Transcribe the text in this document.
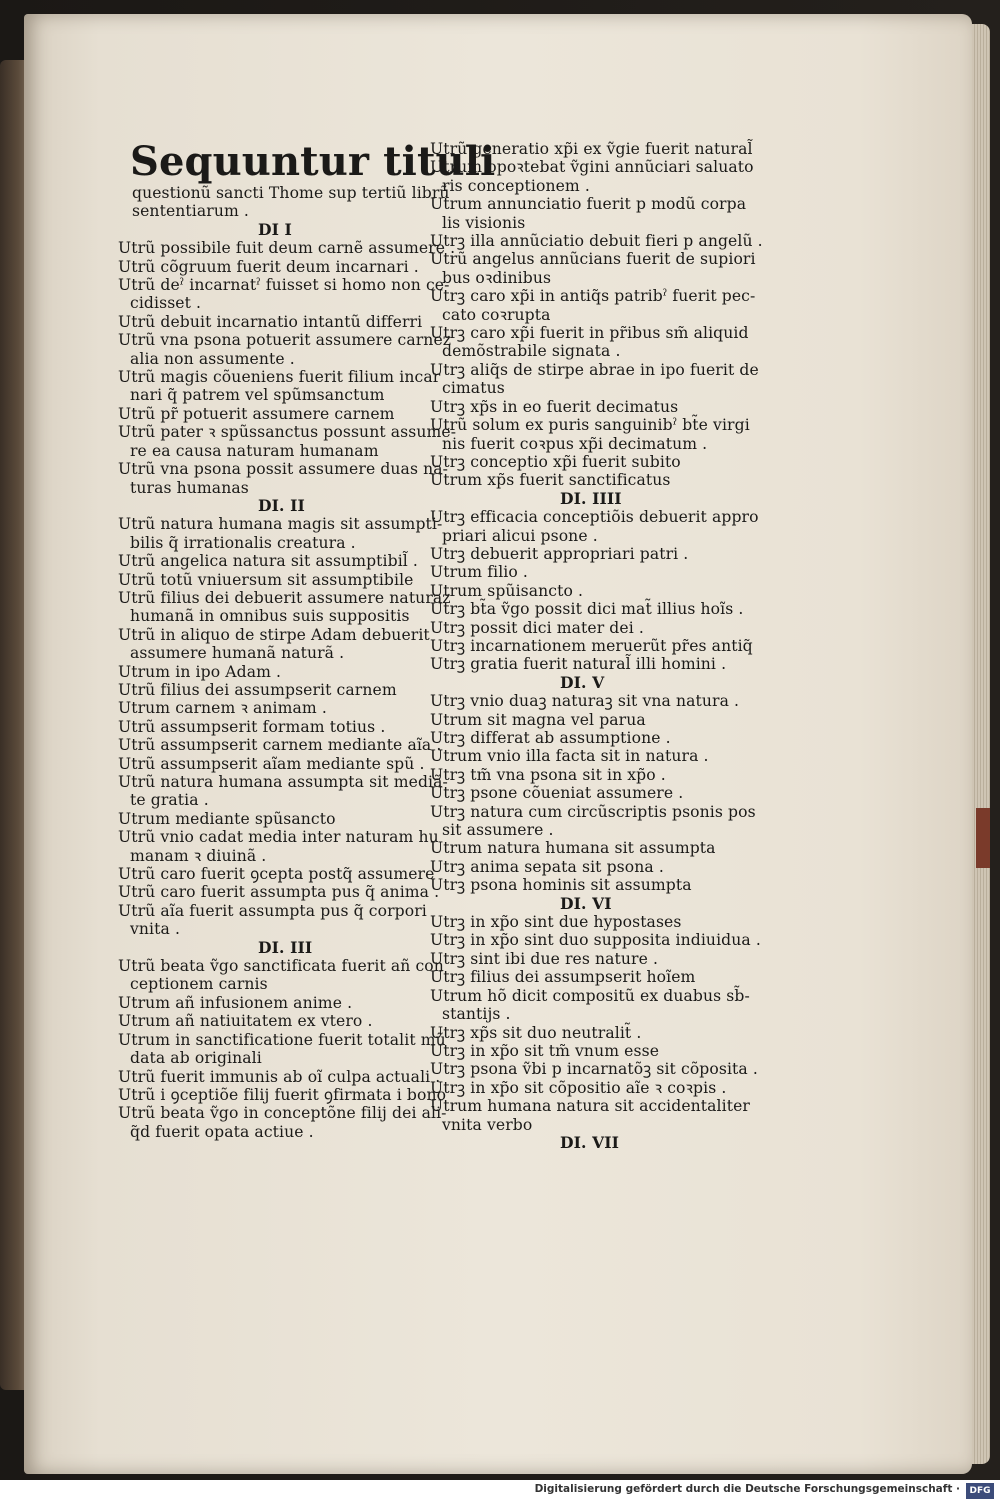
Sequuntur tituli
questionũ sancti Thome sup tertiũ librũ
sententiarum .
DI I
Utrũ possibile fuit deum carnẽ assumere .
Utrũ cõgruum fuerit deum incarnari .
Utrũ deˀ incarnatˀ fuisset si homo non ce-
cidisset .
Utrũ debuit incarnatio intantũ differri
Utrũ vna psona potuerit assumere carnez
alia non assumente .
Utrũ magis cõueniens fuerit filium incar
nari q̃ patrem vel spũmsanctum
Utrũ pr̃ potuerit assumere carnem
Utrũ pater ꝛ spũssanctus possunt assume-
re ea causa naturam humanam
Utrũ vna psona possit assumere duas na-
turas humanas
DI. II
Utrũ natura humana magis sit assumpti-
bilis q̃ irrationalis creatura .
Utrũ angelica natura sit assumptibil̃ .
Utrũ totũ vniuersum sit assumptibile
Utrũ filius dei debuerit assumere naturaz
humanã in omnibus suis suppositis
Utrũ in aliquo de stirpe Adam debuerit
assumere humanã naturã .
Utrum in ipo Adam .
Utrũ filius dei assumpserit carnem
Utrum carnem ꝛ animam .
Utrũ assumpserit formam totius .
Utrũ assumpserit carnem mediante aĩa .
Utrũ assumpserit aĩam mediante spũ .
Utrũ natura humana assumpta sit mediã-
te gratia .
Utrum mediante spũsancto
Utrũ vnio cadat media inter naturam hu
manam ꝛ diuinã .
Utrũ caro fuerit ꝯcepta postq̃ assumere
Utrũ caro fuerit assumpta pus q̃ anima .
Utrũ aĩa fuerit assumpta pus q̃ corpori
vnita .
DI. III
Utrũ beata ṽgo sanctificata fuerit añ con
ceptionem carnis
Utrum añ infusionem anime .
Utrum añ natiuitatem ex vtero .
Utrum in sanctificatione fuerit totalit mũ
data ab originali
Utrũ fuerit immunis ab oĩ culpa actuali .
Utrũ i ꝯceptiõe filij fuerit ꝯfirmata i bono
Utrũ beata ṽgo in conceptõne filij dei ali-
q̃d fuerit opata actiue .
Utrũ generatio xp̃i ex ṽgie fuerit natural̃
Utrum opoꝛtebat ṽgini annũciari saluato
ris conceptionem .
Utrum annunciatio fuerit p modũ corpa
lis visionis
Utrꝫ illa annũciatio debuit fieri p angelũ .
Utrũ angelus annũcians fuerit de supiori
bus oꝛdinibus
Utrꝫ caro xp̃i in antiq̃s patribˀ fuerit pec-
cato coꝛrupta
Utrꝫ caro xp̃i fuerit in pr̃ibus sm̃ aliquid
demõstrabile signata .
Utrꝫ aliq̃s de stirpe abrae in ipo fuerit de
cimatus
Utrꝫ xp̃s in eo fuerit decimatus
Utrũ solum ex puris sanguinibˀ bt̃e virgi
nis fuerit coꝛpus xp̃i decimatum .
Utrꝫ conceptio xp̃i fuerit subito
Utrum xp̃s fuerit sanctificatus
DI. IIII
Utrꝫ efficacia conceptiõis debuerit appro
priari alicui psone .
Utrꝫ debuerit appropriari patri .
Utrum filio .
Utrum spũisancto .
Utrꝫ bt̃a ṽgo possit dici mat̃ illius hoĩs .
Utrꝫ possit dici mater dei .
Utrꝫ incarnationem meruerũt pr̃es antiq̃
Utrꝫ gratia fuerit natural̃ illi homini .
DI. V
Utrꝫ vnio duaꝫ naturaꝫ sit vna natura .
Utrum sit magna vel parua
Utrꝫ differat ab assumptione .
Utrum vnio illa facta sit in natura .
Utrꝫ tm̃ vna psona sit in xp̃o .
Utrꝫ psone cõueniat assumere .
Utrꝫ natura cum circũscriptis psonis pos
sit assumere .
Utrum natura humana sit assumpta
Utrꝫ anima sepata sit psona .
Utrꝫ psona hominis sit assumpta
DI. VI
Utrꝫ in xp̃o sint due hypostases
Utrꝫ in xp̃o sint duo supposita indiuidua .
Utrꝫ sint ibi due res nature .
Utrꝫ filius dei assumpserit hoĩem
Utrum hõ dicit compositũ ex duabus sb̃-
stantijs .
Utrꝫ xp̃s sit duo neutralit̃ .
Utrꝫ in xp̃o sit tm̃ vnum esse
Utrꝫ psona ṽbi p incarnatõꝫ sit cõposita .
Utrꝫ in xp̃o sit cõpositio aĩe ꝛ coꝛpis .
Utrum humana natura sit accidentaliter
vnita verbo
DI. VII
Digitalisierung gefördert durch die Deutsche Forschungsgemeinschaft ·	DFG
